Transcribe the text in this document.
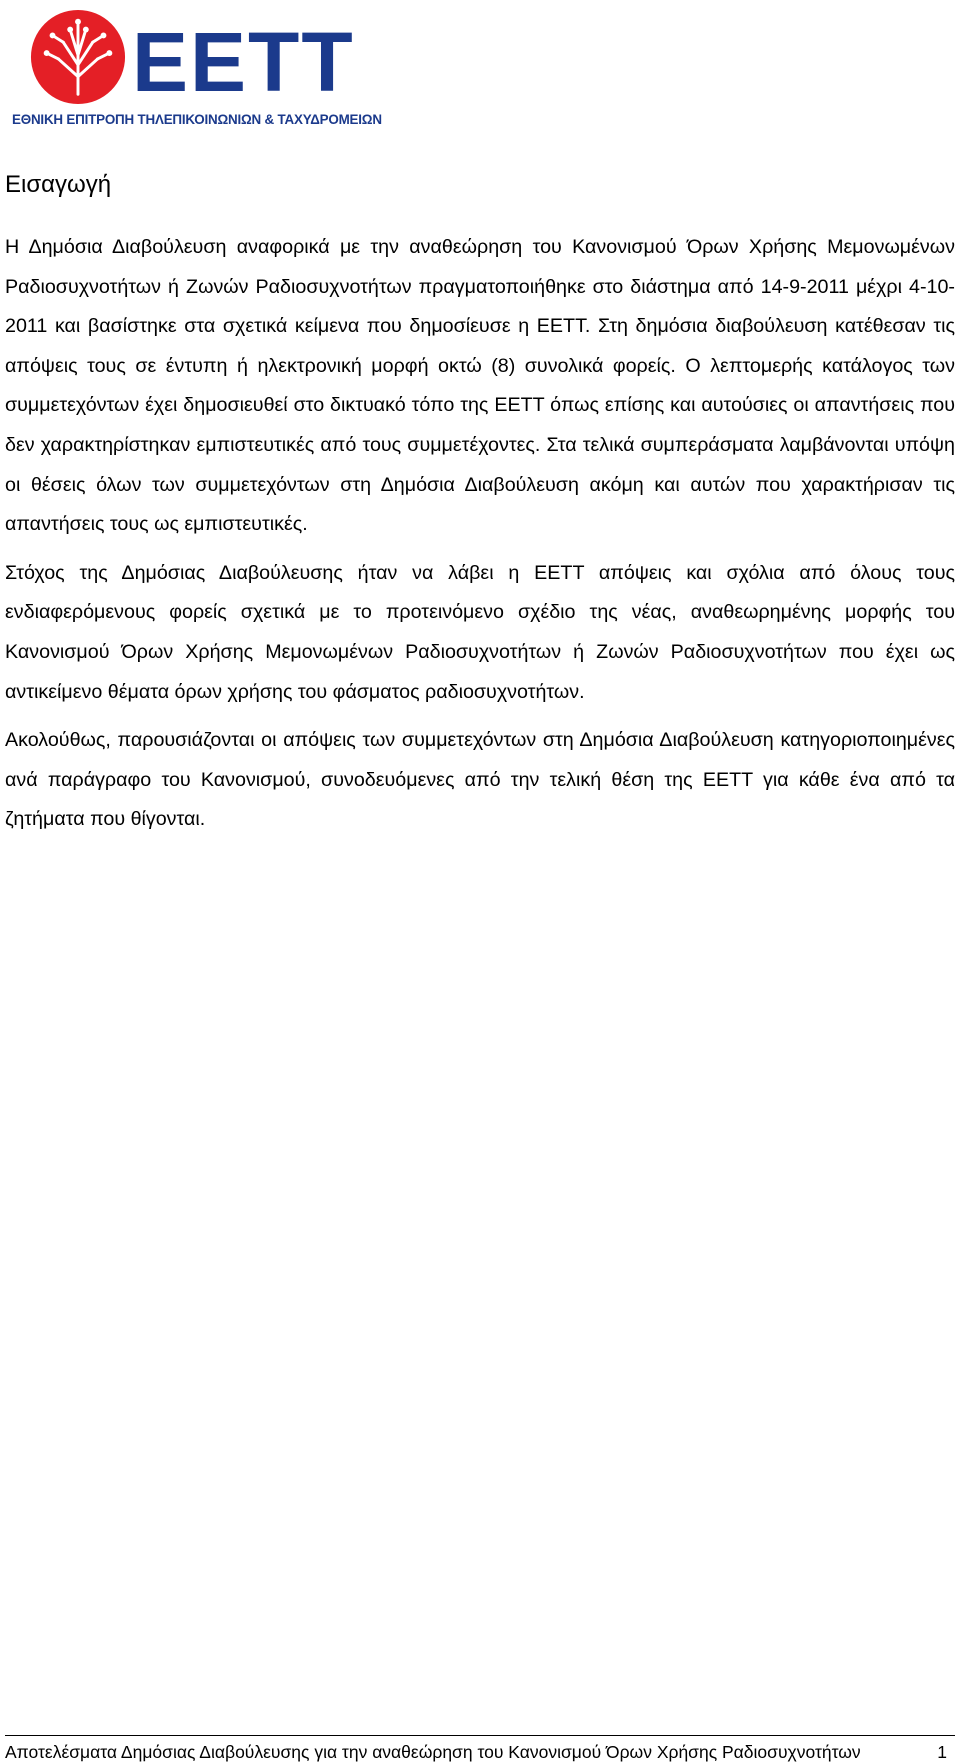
EETT
ΕΘΝΙΚΗ ΕΠΙΤΡΟΠΗ ΤΗΛΕΠΙΚΟΙΝΩΝΙΩΝ & ΤΑΧΥΔΡΟΜΕΙΩΝ
Εισαγωγή

Η Δημόσια Διαβούλευση αναφορικά με την αναθεώρηση του Κανονισμού Όρων Χρήσης Μεμονωμένων Ραδιοσυχνοτήτων ή Ζωνών Ραδιοσυχνοτήτων πραγματοποιήθηκε στο διάστημα από 14-9-2011 μέχρι 4-10-2011 και βασίστηκε στα σχετικά κείμενα που δημοσίευσε η ΕΕΤΤ. Στη δημόσια διαβούλευση κατέθεσαν τις απόψεις τους σε έντυπη ή ηλεκτρονική μορφή οκτώ (8) συνολικά φορείς. Ο λεπτομερής κατάλογος των συμμετεχόντων έχει δημοσιευθεί στο δικτυακό τόπο της ΕΕΤΤ όπως επίσης και αυτούσιες οι απαντήσεις που δεν χαρακτηρίστηκαν εμπιστευτικές από τους συμμετέχοντες. Στα τελικά συμπεράσματα λαμβάνονται υπόψη οι θέσεις όλων των συμμετεχόντων στη Δημόσια Διαβούλευση ακόμη και αυτών που χαρακτήρισαν τις απαντήσεις τους ως εμπιστευτικές.

Στόχος της Δημόσιας Διαβούλευσης ήταν να λάβει η ΕΕΤΤ απόψεις και σχόλια από όλους τους ενδιαφερόμενους φορείς σχετικά με το προτεινόμενο σχέδιο της νέας, αναθεωρημένης μορφής του Κανονισμού Όρων Χρήσης Μεμονωμένων Ραδιοσυχνοτήτων ή Ζωνών Ραδιοσυχνοτήτων που έχει ως αντικείμενο θέματα όρων χρήσης του φάσματος ραδιοσυχνοτήτων.

Ακολούθως, παρουσιάζονται οι απόψεις των συμμετεχόντων στη Δημόσια Διαβούλευση κατηγοριοποιημένες ανά παράγραφο του Κανονισμού, συνοδευόμενες από την τελική θέση της ΕΕΤΤ για κάθε ένα από τα ζητήματα που θίγονται.

Αποτελέσματα Δημόσιας Διαβούλευσης για την αναθεώρηση του Κανονισμού Όρων Χρήσης Ραδιοσυχνοτήτων	1
